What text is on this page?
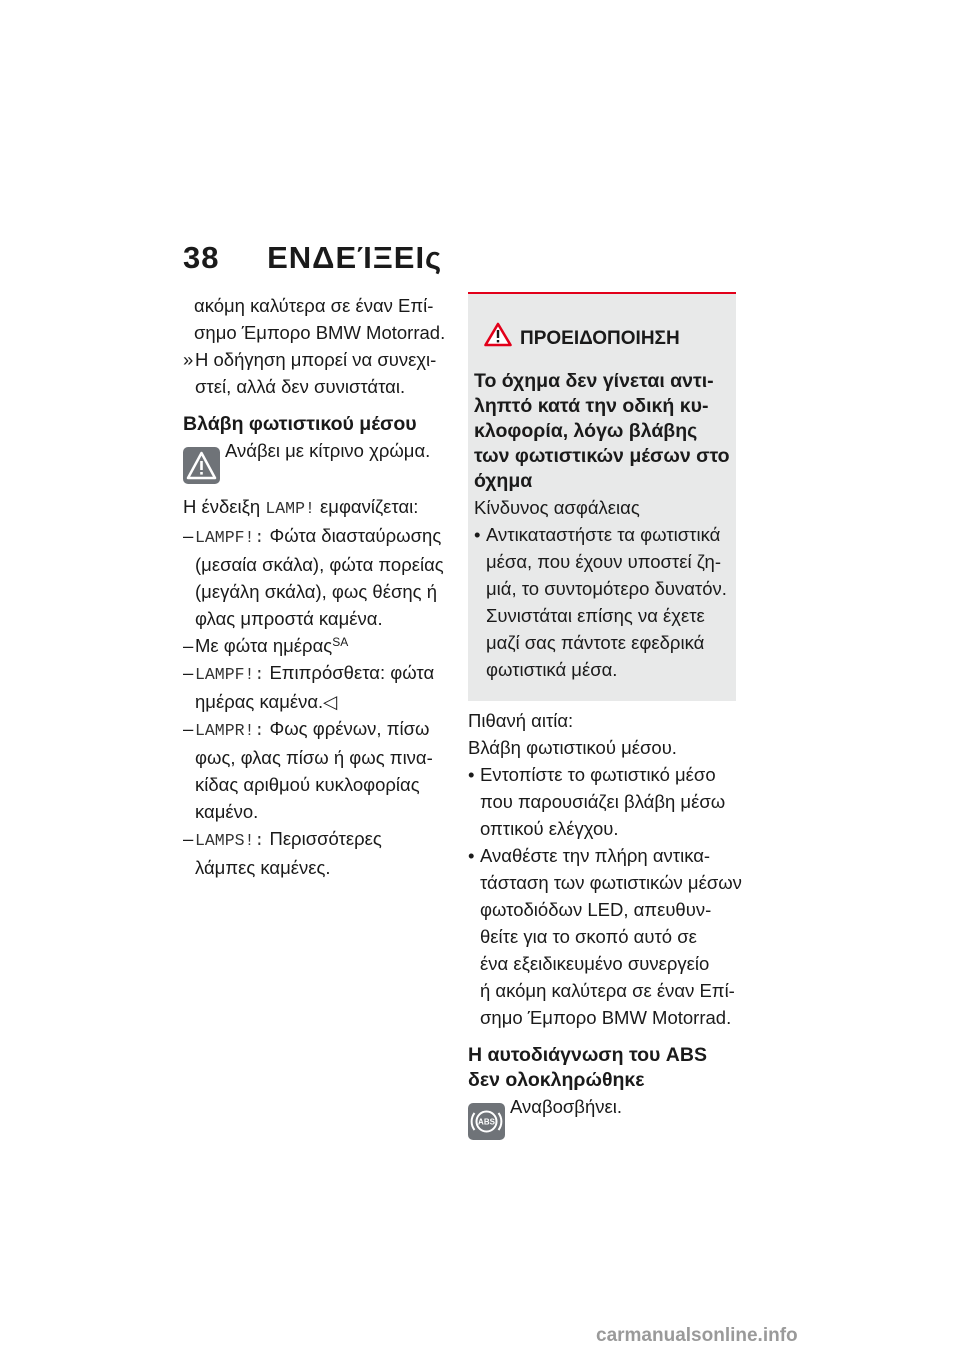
38 ΕΝΔΕΊΞΕΙς
ακόμη καλύτερα σε έναν Επί-
σημο Έμπορο BMW Motorrad.
» Η οδήγηση μπορεί να συνεχι-
στεί, αλλά δεν συνιστάται.
Βλάβη φωτιστικού μέσου
Ανάβει με κίτρινο χρώμα.
Η ένδειξη LAMP! εμφανίζεται:
– LAMPF!: Φώτα διασταύρωσης
(μεσαία σκάλα), φώτα πορείας
(μεγάλη σκάλα), φως θέσης ή
φλας μπροστά καμένα.
– Με φώτα ημέρας$^{SA}$
– LAMPF!: Επιπρόσθετα: φώτα
ημέρας καμένα.◁
– LAMPR!: Φως φρένων, πίσω
φως, φλας πίσω ή φως πινα-
κίδας αριθμού κυκλοφορίας
καμένο.
– LAMPS!: Περισσότερες
λάμπες καμένες.
ΠΡΟΕΙΔΟΠΟΙΗΣΗ
Το όχημα δεν γίνεται αντι-
ληπτό κατά την οδική κυ-
κλοφορία, λόγω βλάβης
των φωτιστικών μέσων στο
όχημα
Κίνδυνος ασφάλειας
• Αντικαταστήστε τα φωτιστικά
μέσα, που έχουν υποστεί ζη-
μιά, το συντομότερο δυνατόν.
Συνιστάται επίσης να έχετε
μαζί σας πάντοτε εφεδρικά
φωτιστικά μέσα.
Πιθανή αιτία:
Βλάβη φωτιστικού μέσου.
• Εντοπίστε το φωτιστικό μέσο
που παρουσιάζει βλάβη μέσω
οπτικού ελέγχου.
• Αναθέστε την πλήρη αντικα-
τάσταση των φωτιστικών μέσων
φωτοδιόδων LED, απευθυν-
θείτε για το σκοπό αυτό σε
ένα εξειδικευμένο συνεργείο
ή ακόμη καλύτερα σε έναν Επί-
σημο Έμπορο BMW Motorrad.
Η αυτοδιάγνωση του ABS
δεν ολοκληρώθηκε
ABS
Αναβοσβήνει.
carmanualsonline.info
